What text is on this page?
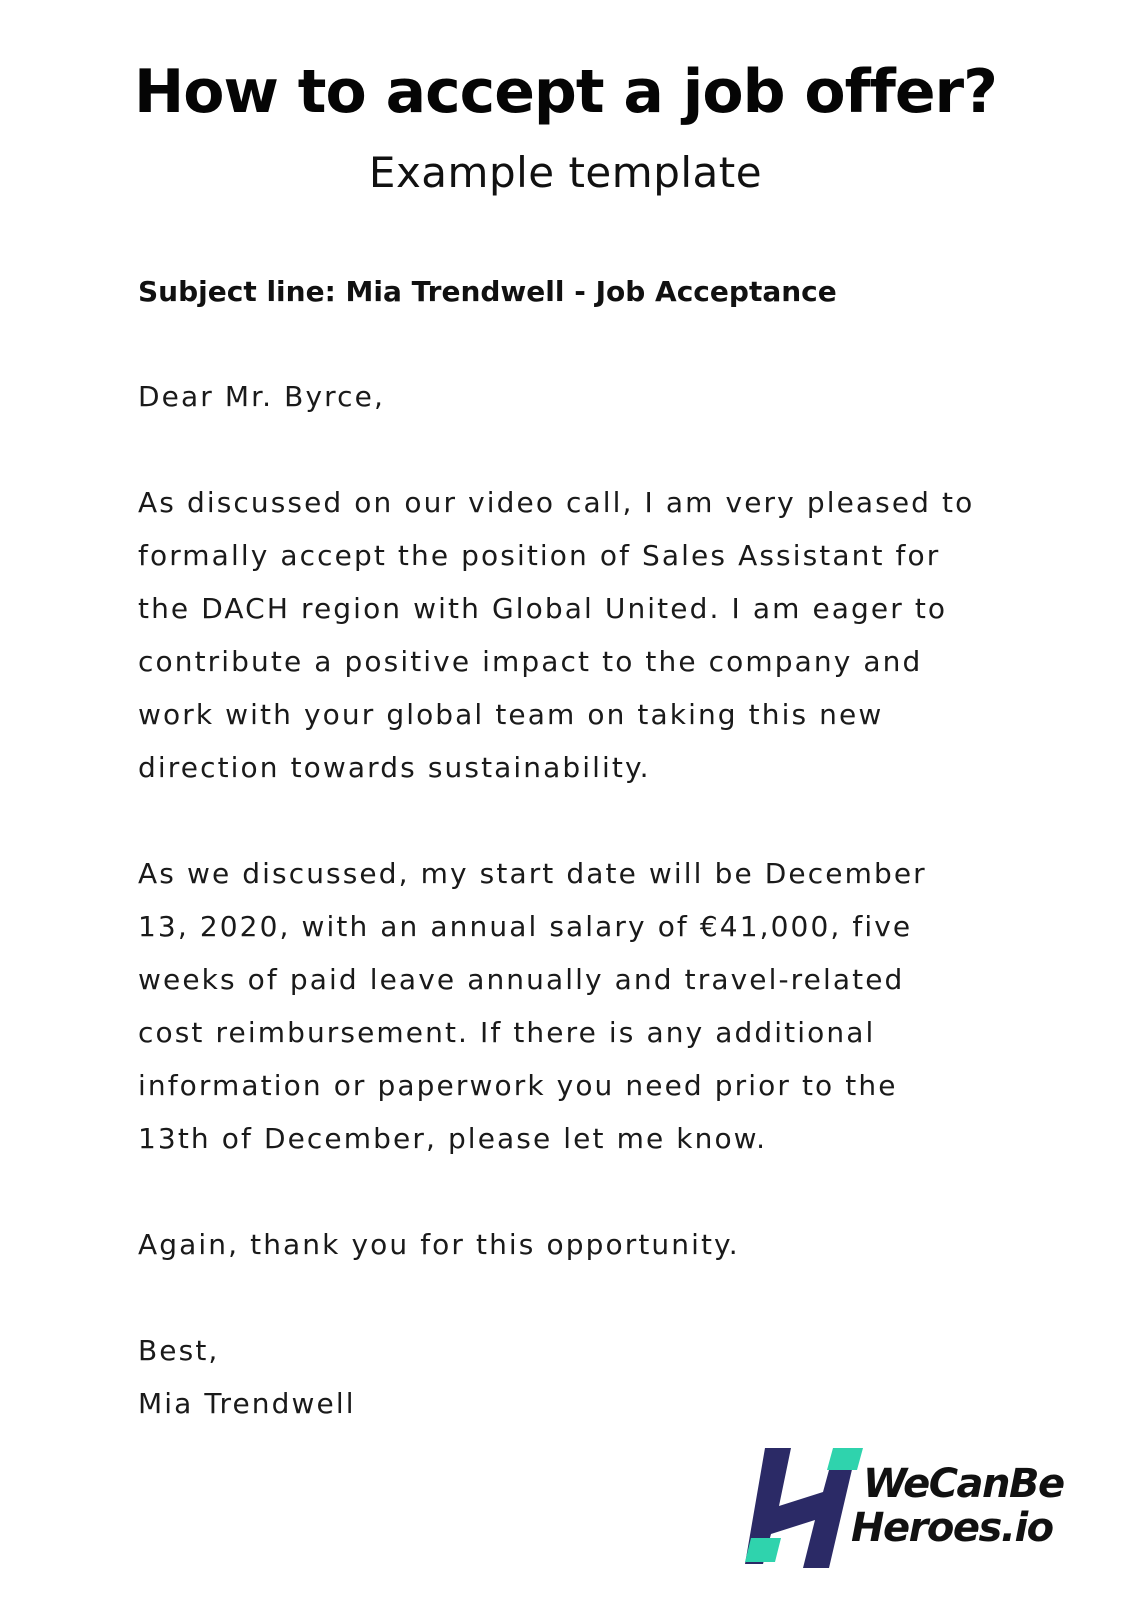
How to accept a job offer?
Example template
Subject line: Mia Trendwell - Job Acceptance

Dear Mr. Byrce,

As discussed on our video call, I am very pleased to
formally accept the position of Sales Assistant for
the DACH region with Global United. I am eager to
contribute a positive impact to the company and
work with your global team on taking this new
direction towards sustainability.

As we discussed, my start date will be December
13, 2020, with an annual salary of €41,000, five
weeks of paid leave annually and travel-related
cost reimbursement. If there is any additional
information or paperwork you need prior to the
13th of December, please let me know.

Again, thank you for this opportunity.

Best,
Mia Trendwell

WeCanBe
Heroes.io
